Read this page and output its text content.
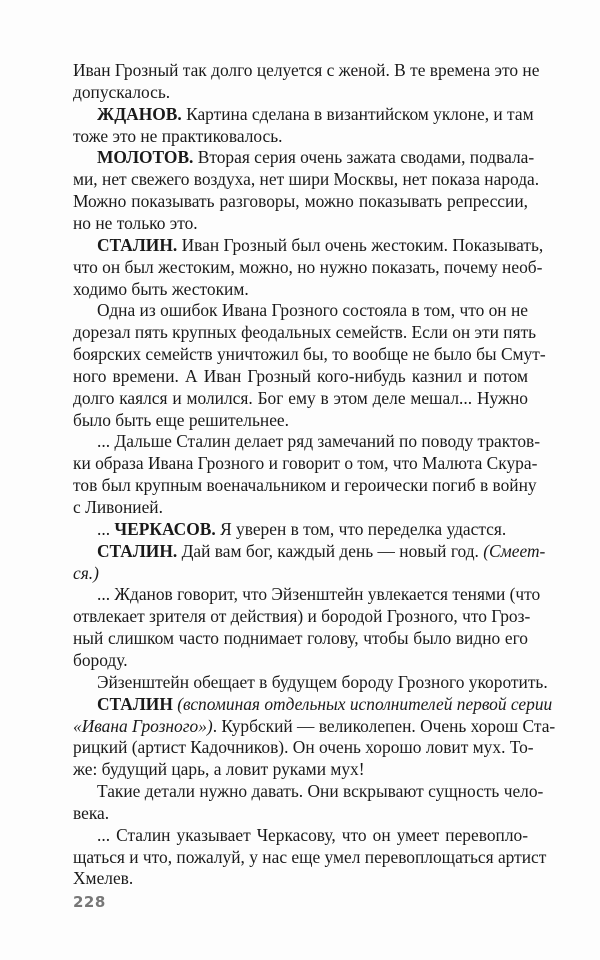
Иван Грозный так долго целуется с женой. В те времена это не
допускалось.
ЖДАНОВ. Картина сделана в византийском уклоне, и там
тоже это не практиковалось.
МОЛОТОВ. Вторая серия очень зажата сводами, подвала-
ми, нет свежего воздуха, нет шири Москвы, нет показа народа.
Можно показывать разговоры, можно показывать репрессии,
но не только это.
СТАЛИН. Иван Грозный был очень жестоким. Показывать,
что он был жестоким, можно, но нужно показать, почему необ-
ходимо быть жестоким.
Одна из ошибок Ивана Грозного состояла в том, что он не
дорезал пять крупных феодальных семейств. Если он эти пять
боярских семейств уничтожил бы, то вообще не было бы Смут-
ного времени. А Иван Грозный кого-нибудь казнил и потом
долго каялся и молился. Бог ему в этом деле мешал... Нужно
было быть еще решительнее.
... Дальше Сталин делает ряд замечаний по поводу трактов-
ки образа Ивана Грозного и говорит о том, что Малюта Скура-
тов был крупным военачальником и героически погиб в войну
с Ливонией.
... ЧЕРКАСОВ. Я уверен в том, что переделка удастся.
СТАЛИН. Дай вам бог, каждый день — новый год. (Смеет-
ся.)
... Жданов говорит, что Эйзенштейн увлекается тенями (что
отвлекает зрителя от действия) и бородой Грозного, что Гроз-
ный слишком часто поднимает голову, чтобы было видно его
бороду.
Эйзенштейн обещает в будущем бороду Грозного укоротить.
СТАЛИН (вспоминая отдельных исполнителей первой серии
«Ивана Грозного»). Курбский — великолепен. Очень хорош Ста-
рицкий (артист Кадочников). Он очень хорошо ловит мух. То-
же: будущий царь, а ловит руками мух!
Такие детали нужно давать. Они вскрывают сущность чело-
века.
... Сталин указывает Черкасову, что он умеет перевопло-
щаться и что, пожалуй, у нас еще умел перевоплощаться артист
Хмелев.
228
